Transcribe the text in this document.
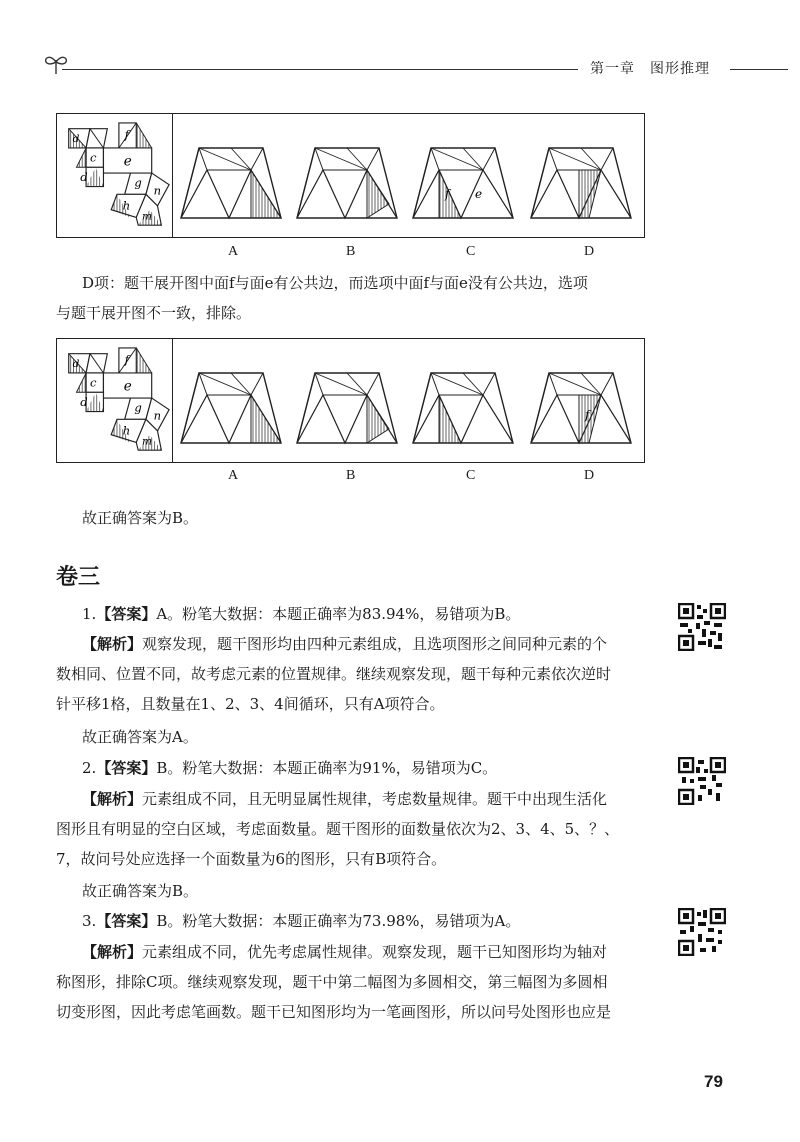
第一章　图形推理
d	f
c e
d	g
n
h
m
f e
A	B	C	D
D项：题干展开图中面f与面e有公共边，而选项中面f与面e没有公共边，选项
与题干展开图不一致，排除。
d	f
c e
d	g
n
h
m
f
A	B	C	D
故正确答案为B。
卷三
1.【答案】A。粉笔大数据：本题正确率为83.94%，易错项为B。
【解析】观察发现，题干图形均由四种元素组成，且选项图形之间同种元素的个
数相同、位置不同，故考虑元素的位置规律。继续观察发现，题干每种元素依次逆时
针平移1格，且数量在1、2、3、4间循环，只有A项符合。
故正确答案为A。
2.【答案】B。粉笔大数据：本题正确率为91%，易错项为C。
【解析】元素组成不同，且无明显属性规律，考虑数量规律。题干中出现生活化
图形且有明显的空白区域，考虑面数量。题干图形的面数量依次为2、3、4、5、？、
7，故问号处应选择一个面数量为6的图形，只有B项符合。
故正确答案为B。
3.【答案】B。粉笔大数据：本题正确率为73.98%，易错项为A。
【解析】元素组成不同，优先考虑属性规律。观察发现，题干已知图形均为轴对
称图形，排除C项。继续观察发现，题干中第二幅图为多圆相交，第三幅图为多圆相
切变形图，因此考虑笔画数。题干已知图形均为一笔画图形，所以问号处图形也应是
79
